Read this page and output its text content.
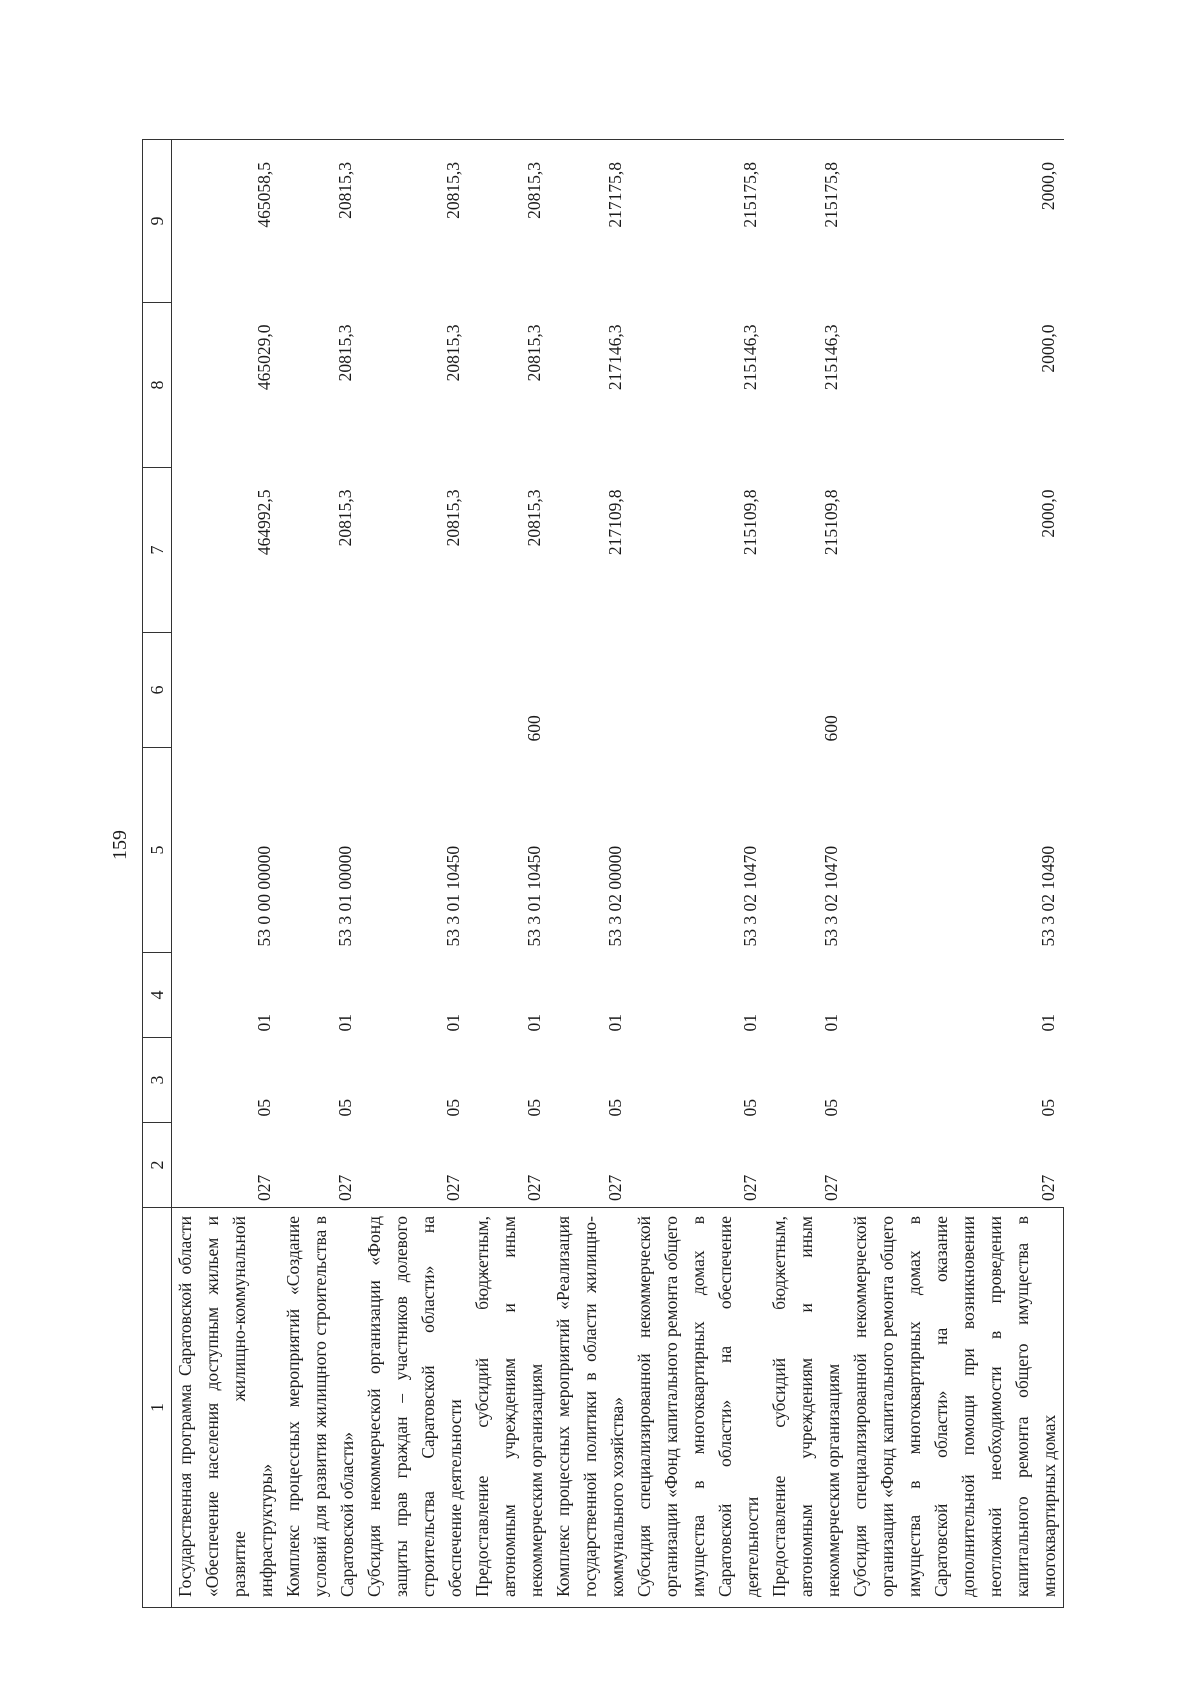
159
1	2	3	4	5	6	7	8	9
Государственная программа Саратовской области «Обеспечение населения доступным жильем и развитие жилищно-коммунальной инфраструктуры»	027	05	01	53 0 00 00000		464992,5	465029,0	465058,5
Комплекс процессных мероприятий «Создание условий для развития жилищного строительства в Саратовской области»	027	05	01	53 3 01 00000		20815,3	20815,3	20815,3
Субсидия некоммерческой организации «Фонд защиты прав граждан – участников долевого строительства Саратовской области» на обеспечение деятельности	027	05	01	53 3 01 10450		20815,3	20815,3	20815,3
Предоставление субсидий бюджетным, автономным учреждениям и иным некоммерческим организациям	027	05	01	53 3 01 10450	600	20815,3	20815,3	20815,3
Комплекс процессных мероприятий «Реализация государственной политики в области жилищно-коммунального хозяйства»	027	05	01	53 3 02 00000		217109,8	217146,3	217175,8
Субсидия специализированной некоммерческой организации «Фонд капитального ремонта общего имущества в многоквартирных домах в Саратовской области» на обеспечение деятельности	027	05	01	53 3 02 10470		215109,8	215146,3	215175,8
Предоставление субсидий бюджетным, автономным учреждениям и иным некоммерческим организациям	027	05	01	53 3 02 10470	600	215109,8	215146,3	215175,8
Субсидия специализированной некоммерческой организации «Фонд капитального ремонта общего имущества в многоквартирных домах в Саратовской области» на оказание дополнительной помощи при возникновении неотложной необходимости в проведении капитального ремонта общего имущества в многоквартирных домах	027	05	01	53 3 02 10490		2000,0	2000,0	2000,0
